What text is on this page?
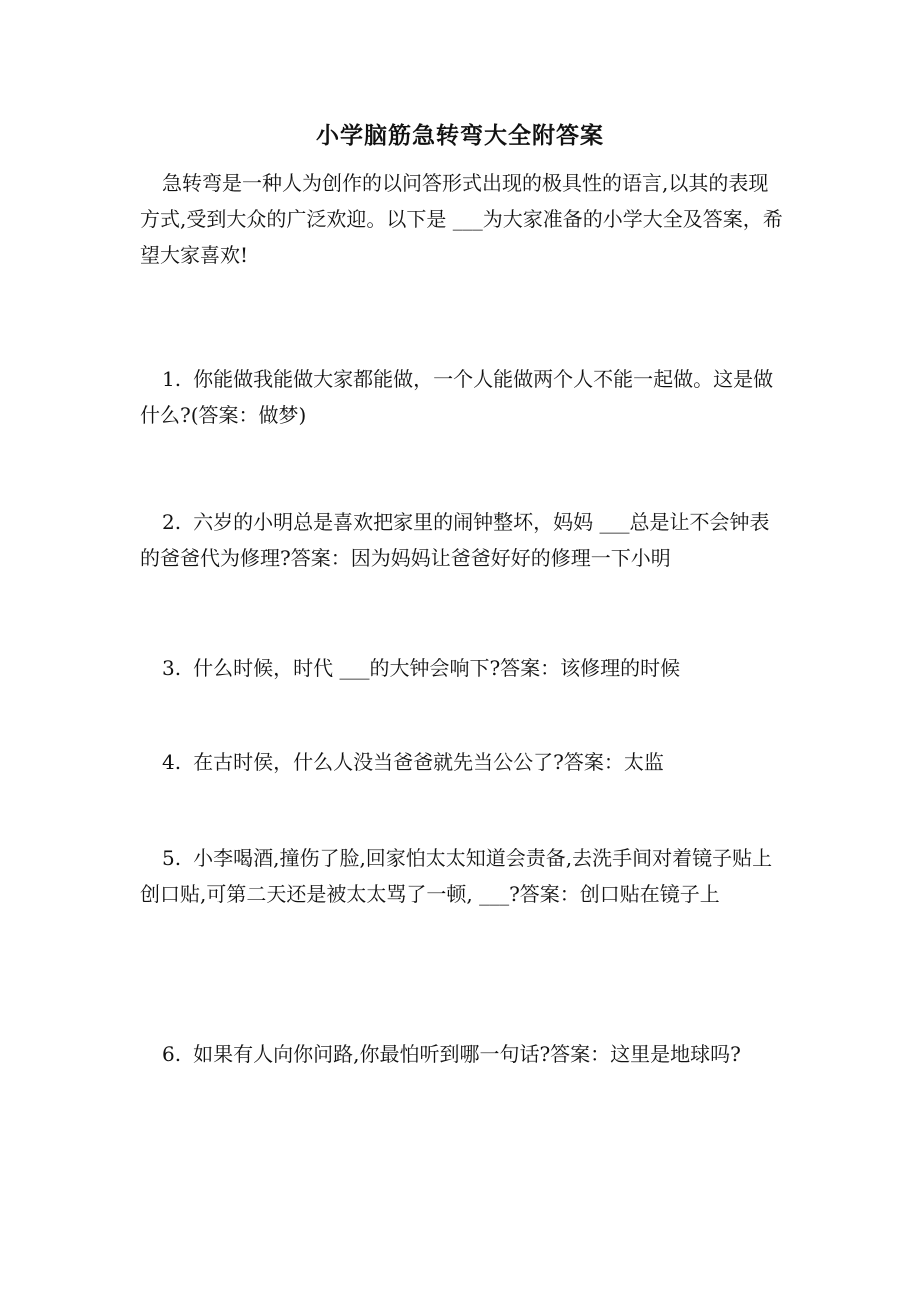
小学脑筋急转弯大全附答案

急转弯是一种人为创作的以问答形式出现的极具性的语言,以其的表现方式,受到大众的广泛欢迎。以下是 ___为大家准备的小学大全及答案，希望大家喜欢!

1. 你能做我能做大家都能做，一个人能做两个人不能一起做。这是做什么?(答案：做梦)

2. 六岁的小明总是喜欢把家里的闹钟整坏，妈妈 ___总是让不会钟表的爸爸代为修理?答案：因为妈妈让爸爸好好的修理一下小明

3. 什么时候，时代 ___的大钟会响下?答案：该修理的时候

4. 在古时侯，什么人没当爸爸就先当公公了?答案：太监

5. 小李喝酒,撞伤了脸,回家怕太太知道会责备,去洗手间对着镜子贴上创口贴,可第二天还是被太太骂了一顿, ___?答案：创口贴在镜子上

6. 如果有人向你问路,你最怕听到哪一句话?答案：这里是地球吗?
